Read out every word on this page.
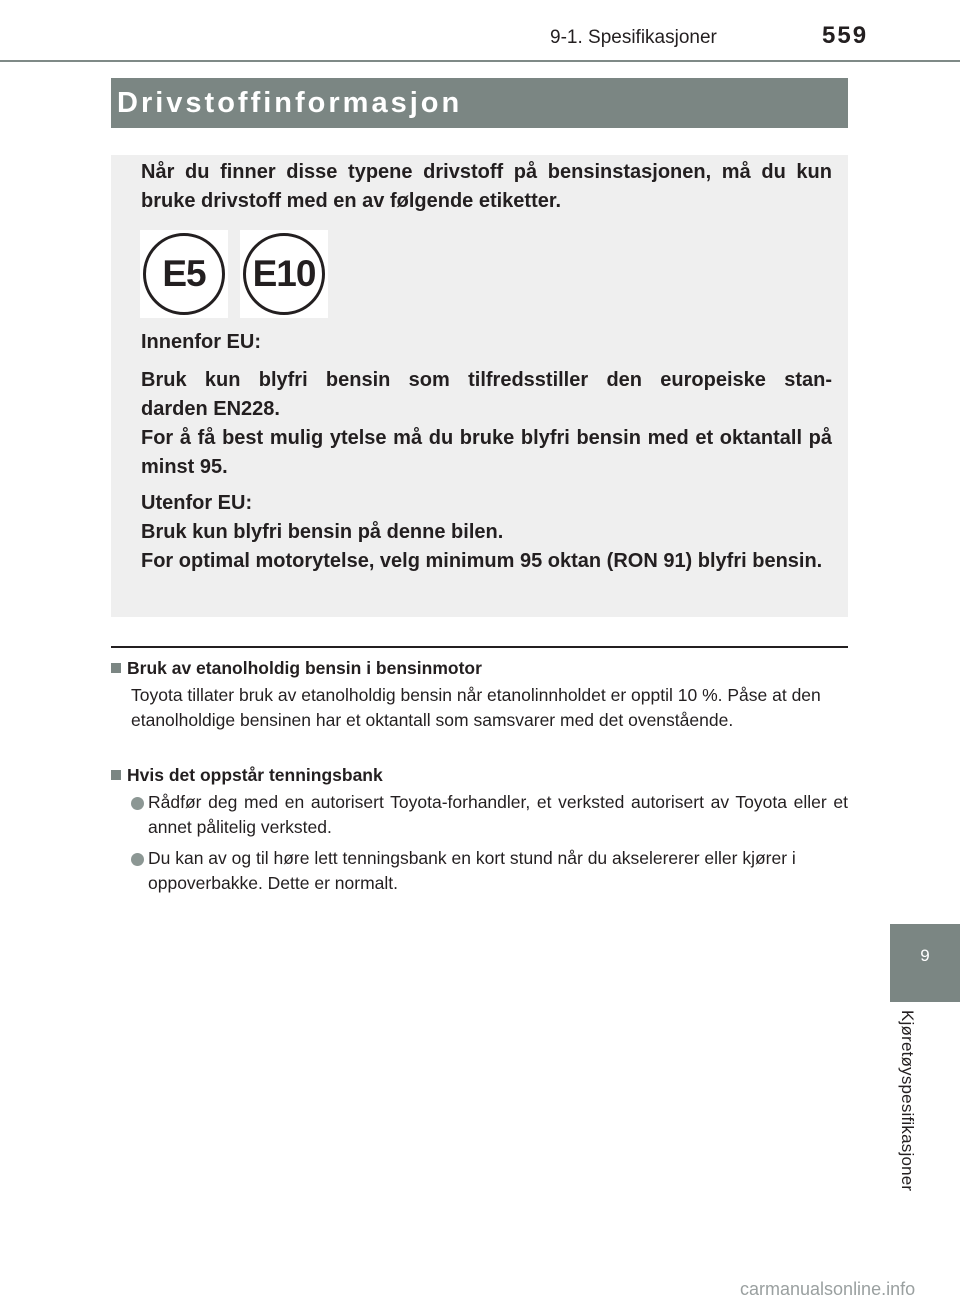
9-1. Spesifikasjoner	559
Drivstoffinformasjon

Når du finner disse typene drivstoff på bensinstasjonen, må du kun bruke drivstoff med en av følgende etiketter.

E5	E10

Innenfor EU:

Bruk kun blyfri bensin som tilfredsstiller den europeiske stan-

darden EN228.

For å få best mulig ytelse må du bruke blyfri bensin med et oktantall på minst 95.

Utenfor EU:

Bruk kun blyfri bensin på denne bilen.

For optimal motorytelse, velg minimum 95 oktan (RON 91) blyfri bensin.

Bruk av etanolholdig bensin i bensinmotor

Toyota tillater bruk av etanolholdig bensin når etanolinnholdet er opptil 10 %. Påse at den etanolholdige bensinen har et oktantall som samsvarer med det ovenstående.

Hvis det oppstår tenningsbank

Rådfør deg med en autorisert Toyota-forhandler, et verksted autorisert av Toyota eller et annet pålitelig verksted.

Du kan av og til høre lett tenningsbank en kort stund når du akselererer eller kjører i oppoverbakke. Dette er normalt.

9
Kjøretøyspesifikasjoner
carmanualsonline.info
